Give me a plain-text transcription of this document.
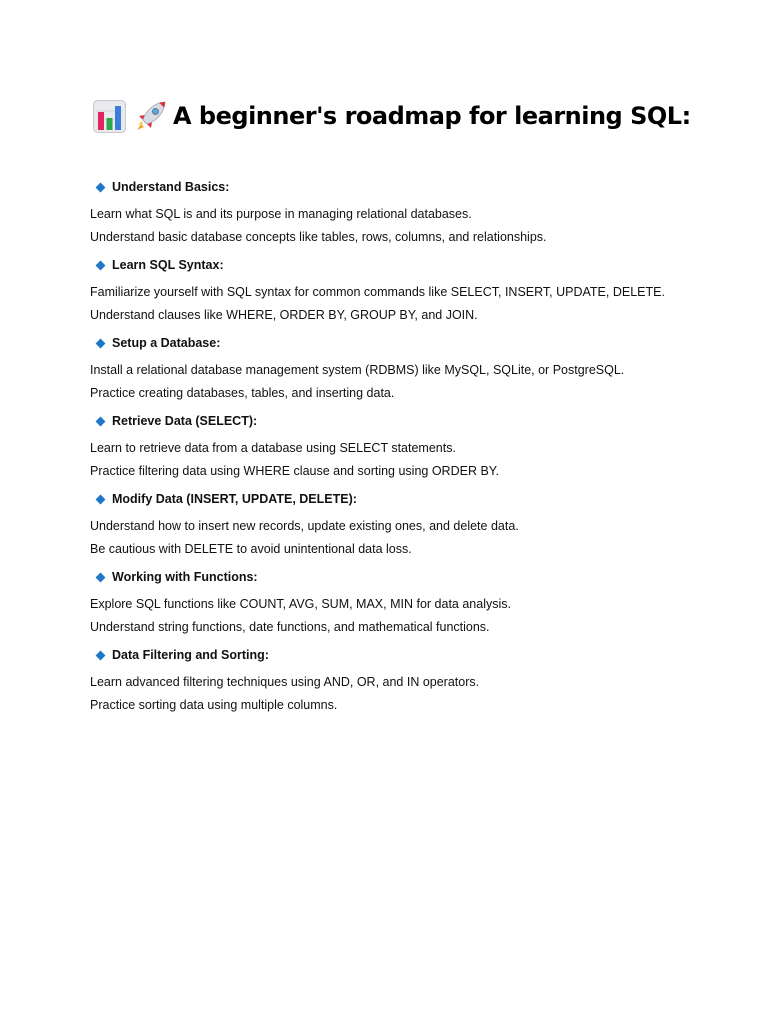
A beginner's roadmap for learning SQL:
Understand Basics:
Learn what SQL is and its purpose in managing relational databases.
Understand basic database concepts like tables, rows, columns, and relationships.
Learn SQL Syntax:
Familiarize yourself with SQL syntax for common commands like SELECT, INSERT, UPDATE, DELETE.
Understand clauses like WHERE, ORDER BY, GROUP BY, and JOIN.
Setup a Database:
Install a relational database management system (RDBMS) like MySQL, SQLite, or PostgreSQL.
Practice creating databases, tables, and inserting data.
Retrieve Data (SELECT):
Learn to retrieve data from a database using SELECT statements.
Practice filtering data using WHERE clause and sorting using ORDER BY.
Modify Data (INSERT, UPDATE, DELETE):
Understand how to insert new records, update existing ones, and delete data.
Be cautious with DELETE to avoid unintentional data loss.
Working with Functions:
Explore SQL functions like COUNT, AVG, SUM, MAX, MIN for data analysis.
Understand string functions, date functions, and mathematical functions.
Data Filtering and Sorting:
Learn advanced filtering techniques using AND, OR, and IN operators.
Practice sorting data using multiple columns.
